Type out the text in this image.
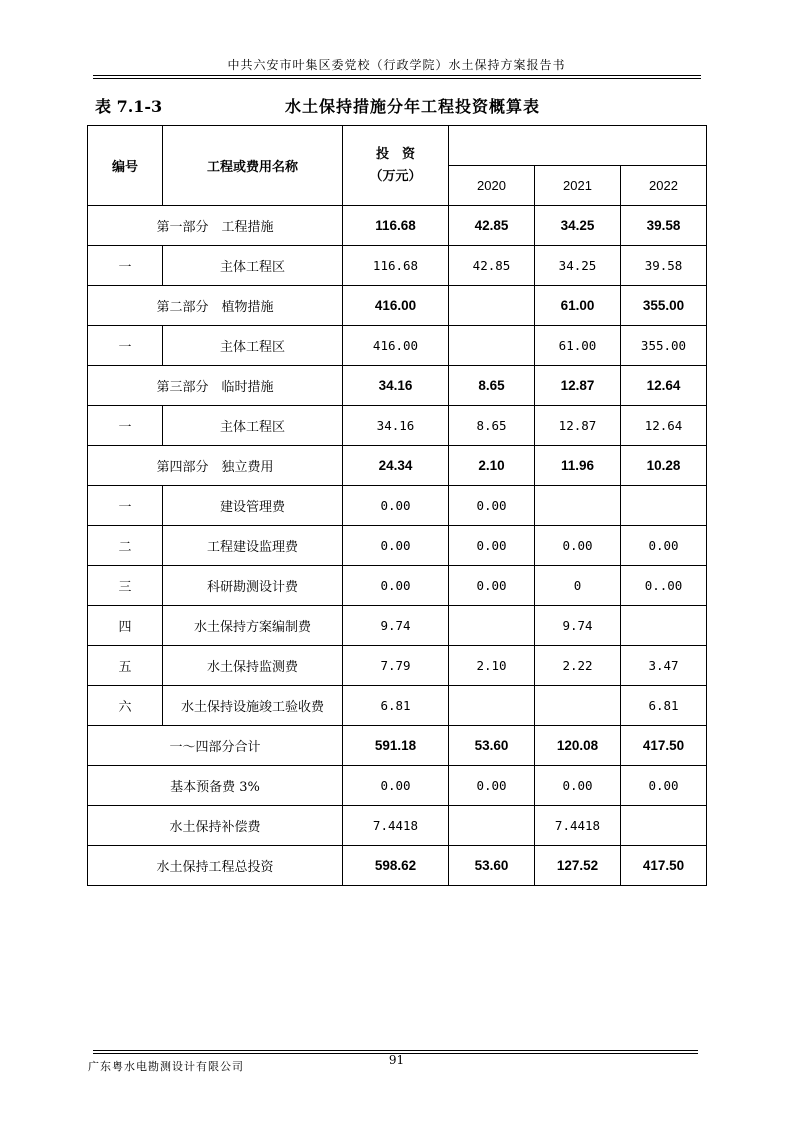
中共六安市叶集区委党校（行政学院）水土保持方案报告书
表 7.1-3	水土保持措施分年工程投资概算表
编号	工程或费用名称	投　资
（万元）			

			2020	2021	2022
第一部分　工程措施		116.68	42.85	34.25	39.58
一	主体工程区	116.68	42.85	34.25	39.58
第二部分　植物措施		416.00		61.00	355.00
一	主体工程区	416.00		61.00	355.00
第三部分　临时措施		34.16	8.65	12.87	12.64
一	主体工程区	34.16	8.65	12.87	12.64
第四部分　独立费用		24.34	2.10	11.96	10.28
一	建设管理费	0.00	0.00		
二	工程建设监理费	0.00	0.00	0.00	0.00
三	科研勘测设计费	0.00	0.00	0	0..00
四	水土保持方案编制费	9.74		9.74	
五	水土保持监测费	7.79	2.10	2.22	3.47
六	水土保持设施竣工验收费	6.81			6.81
一～四部分合计		591.18	53.60	120.08	417.50
基本预备费 3%		0.00	0.00	0.00	0.00
水土保持补偿费		7.4418		7.4418	
水土保持工程总投资		598.62	53.60	127.52	417.50
广东粤水电勘测设计有限公司	91
